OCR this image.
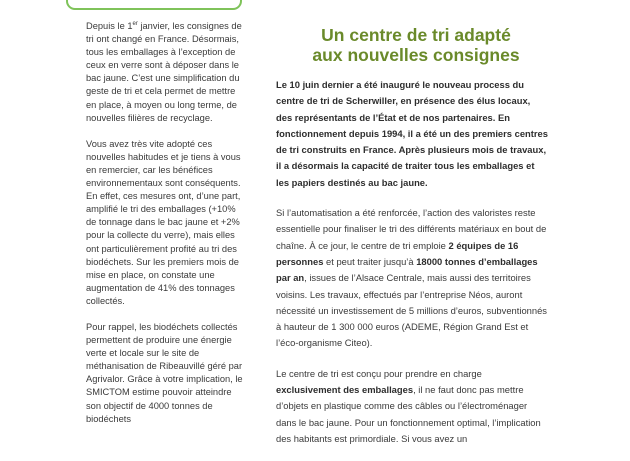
Depuis le 1er janvier, les consignes de tri ont changé en France. Désormais, tous les emballages à l’exception de ceux en verre sont à déposer dans le bac jaune. C’est une simplification du geste de tri et cela permet de mettre en place, à moyen ou long terme, de nouvelles filières de recyclage.

Vous avez très vite adopté ces nouvelles habitudes et je tiens à vous en remercier, car les bénéfices environnementaux sont conséquents. En effet, ces mesures ont, d’une part, amplifié le tri des emballages (+10% de tonnage dans le bac jaune et +2% pour la collecte du verre), mais elles ont particulièrement profité au tri des biodéchets. Sur les premiers mois de mise en place, on constate une augmentation de 41% des tonnages collectés.

Pour rappel, les biodéchets collectés permettent de produire une énergie verte et locale sur le site de méthanisation de Ribeauvillé géré par Agrivalor. Grâce à votre implication, le SMICTOM estime pouvoir atteindre son objectif de 4000 tonnes de biodéchets

Un centre de tri adapté
aux nouvelles consignes

Le 10 juin dernier a été inauguré le nouveau process du centre de tri de Scherwiller, en présence des élus locaux, des représentants de l’État et de nos partenaires. En fonctionnement depuis 1994, il a été un des premiers centres de tri construits en France. Après plusieurs mois de travaux, il a désormais la capacité de traiter tous les emballages et les papiers destinés au bac jaune.

Si l’automatisation a été renforcée, l’action des valoristes reste essentielle pour finaliser le tri des différents matériaux en bout de chaîne. À ce jour, le centre de tri emploie 2 équipes de 16 personnes et peut traiter jusqu’à 18000 tonnes d’emballages par an, issues de l’Alsace Centrale, mais aussi des territoires voisins. Les travaux, effectués par l’entreprise Néos, auront nécessité un investissement de 5 millions d’euros, subventionnés à hauteur de 1 300 000 euros (ADEME, Région Grand Est et l’éco-organisme Citeo).

Le centre de tri est conçu pour prendre en charge exclusivement des emballages, il ne faut donc pas mettre d’objets en plastique comme des câbles ou l’électroménager dans le bac jaune. Pour un fonctionnement optimal, l’implication des habitants est primordiale. Si vous avez un
